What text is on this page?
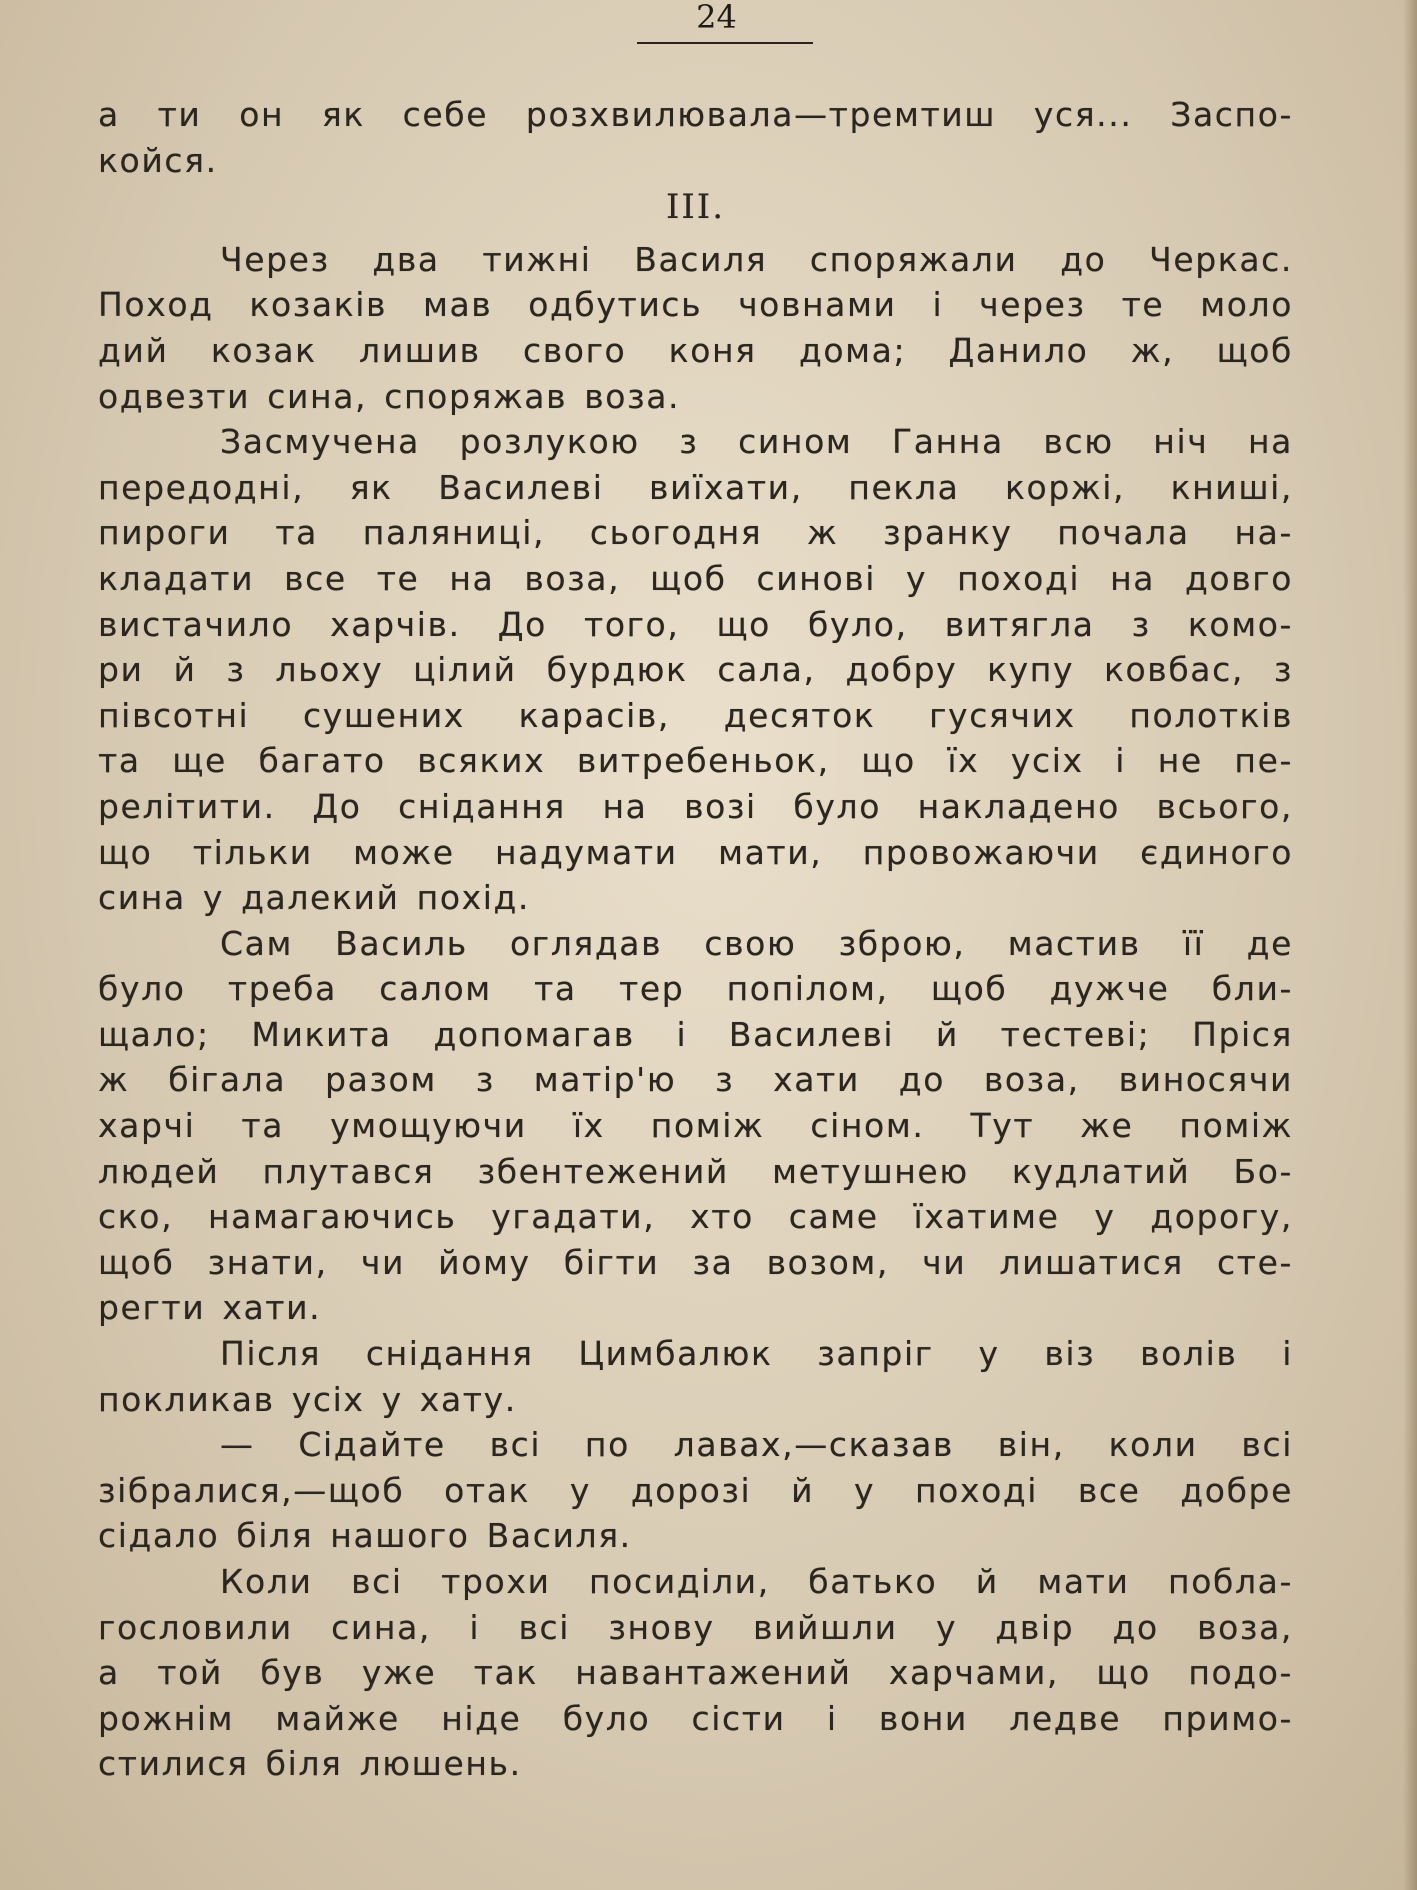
24
а ти он як себе розхвилювала—тремтиш уся... Заспо-
койся.
III.
Через два тижні Василя споряжали до Черкас.
Поход козаків мав одбутись човнами і через те моло
дий козак лишив свого коня дома; Данило ж, щоб
одвезти сина, споряжав воза.
Засмучена розлукою з сином Ганна всю ніч на
передодні, як Василеві виїхати, пекла коржі, книші,
пироги та паляниці, сьогодня ж зранку почала на-
кладати все те на воза, щоб синові у поході на довго
вистачило харчів. До того, що було, витягла з комо-
ри й з льоху цілий бурдюк сала, добру купу ковбас, з
півсотні сушених карасів, десяток гусячих полотків
та ще багато всяких витребеньок, що їх усіх і не пе-
релітити. До снідання на возі було накладено всього,
що тільки може надумати мати, провожаючи єдиного
сина у далекий похід.
Сам Василь оглядав свою зброю, мастив її де
було треба салом та тер попілом, щоб дужче бли-
щало; Микита допомагав і Василеві й тестеві; Пріся
ж бігала разом з матір'ю з хати до воза, виносячи
харчі та умощуючи їх поміж сіном. Тут же поміж
людей плутався збентежений метушнею кудлатий Бо-
ско, намагаючись угадати, хто саме їхатиме у дорогу,
щоб знати, чи йому бігти за возом, чи лишатися сте-
регти хати.
Після снідання Цимбалюк запріг у віз волів і
покликав усіх у хату.
— Сідайте всі по лавах,—сказав він, коли всі
зібралися,—щоб отак у дорозі й у поході все добре
сідало біля нашого Василя.
Коли всі трохи посиділи, батько й мати побла-
гословили сина, і всі знову вийшли у двір до воза,
а той був уже так навантажений харчами, що подо-
рожнім майже ніде було сісти і вони ледве примо-
стилися біля люшень.
